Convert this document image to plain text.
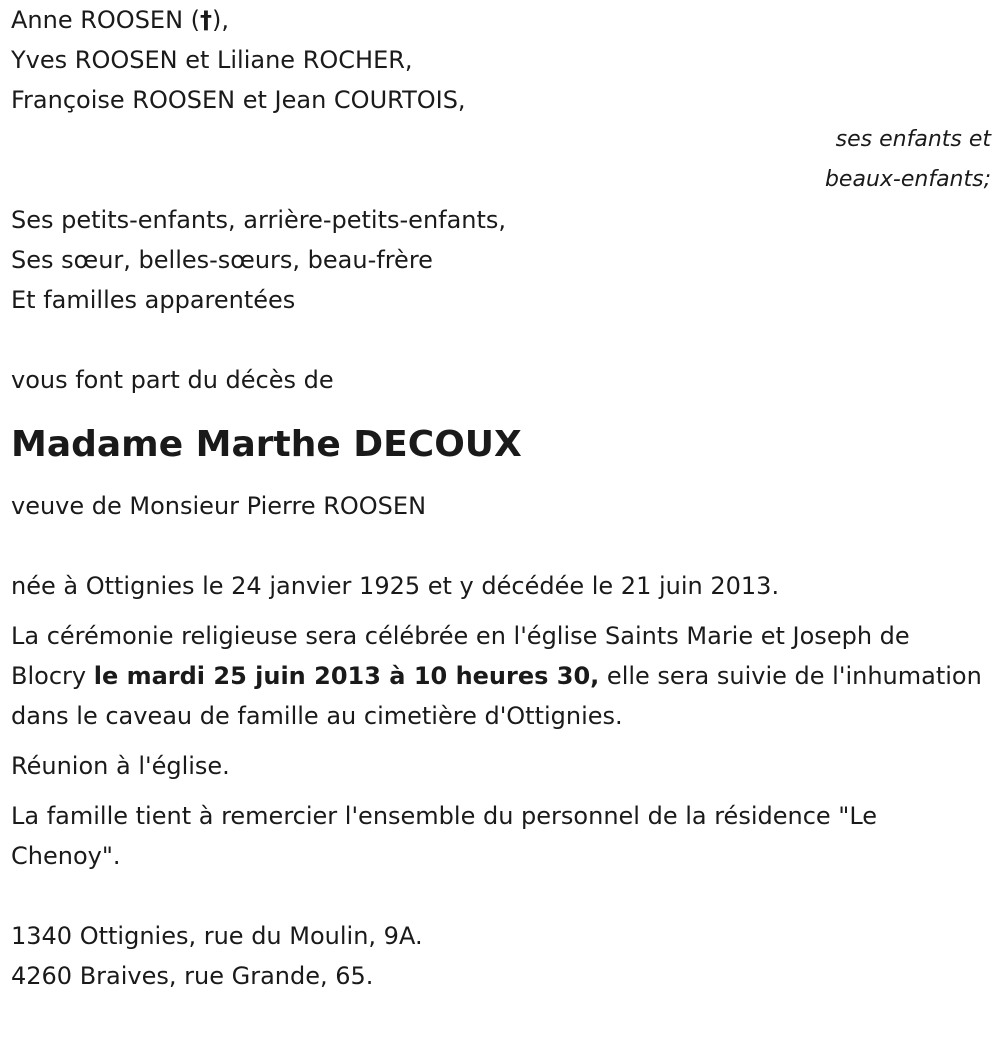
Anne ROOSEN (†),
Yves ROOSEN et Liliane ROCHER,
Françoise ROOSEN et Jean COURTOIS,
ses enfants et
beaux-enfants;
Ses petits-enfants, arrière-petits-enfants,
Ses sœur, belles-sœurs, beau-frère
Et familles apparentées
vous font part du décès de
Madame Marthe DECOUX
veuve de Monsieur Pierre ROOSEN
née à Ottignies le 24 janvier 1925 et y décédée le 21 juin 2013.

La cérémonie religieuse sera célébrée en l'église Saints Marie et Joseph de Blocry le mardi 25 juin 2013 à 10 heures 30, elle sera suivie de l'inhumation dans le caveau de famille au cimetière d'Ottignies.

Réunion à l'église.

La famille tient à remercier l'ensemble du personnel de la résidence "Le Chenoy".

1340 Ottignies, rue du Moulin, 9A.
4260 Braives, rue Grande, 65.
